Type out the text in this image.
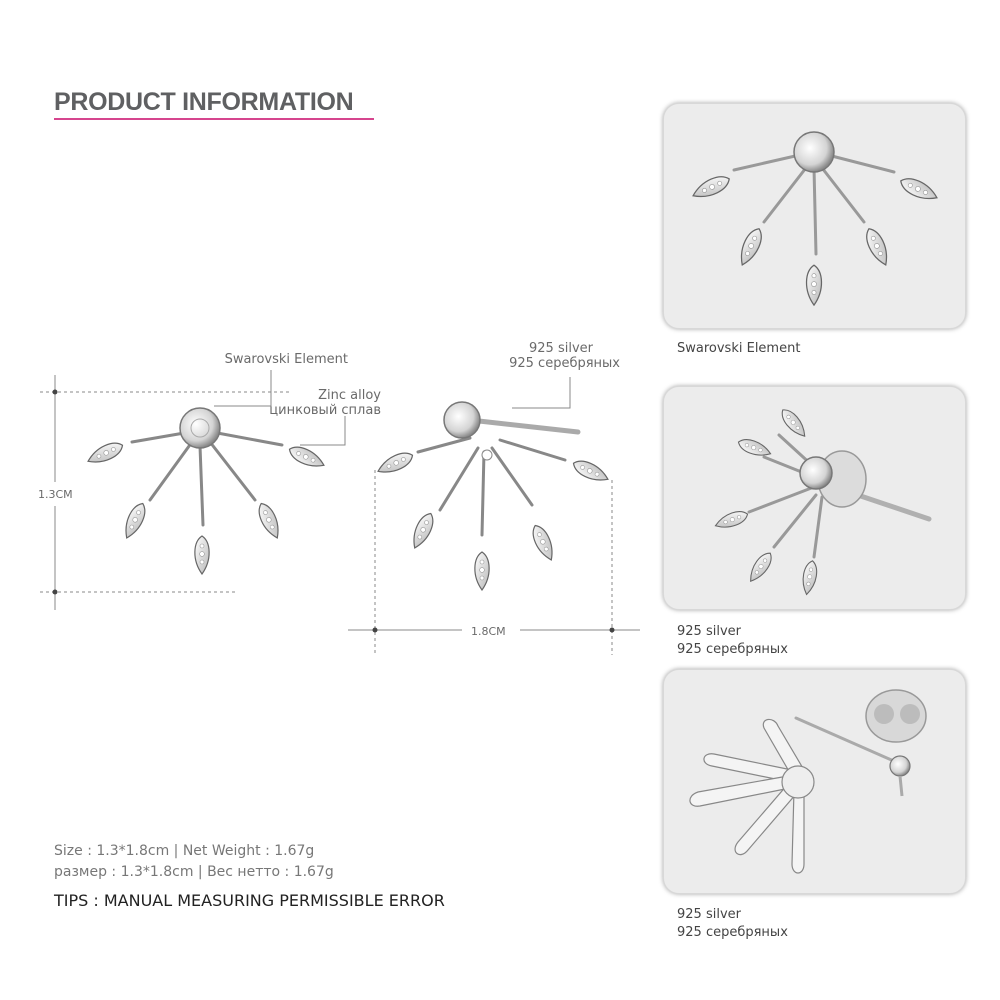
PRODUCT INFORMATION
Swarovski Element
Zinc alloy
цинковый сплав
925 silver
925 серебряных
1.3CM
1.8CM
Size : 1.3*1.8cm | Net Weight : 1.67g
размер : 1.3*1.8cm | Вес нетто : 1.67g
TIPS : MANUAL MEASURING PERMISSIBLE ERROR
Swarovski Element
925 silver
925 серебряных
925 silver
925 серебряных
